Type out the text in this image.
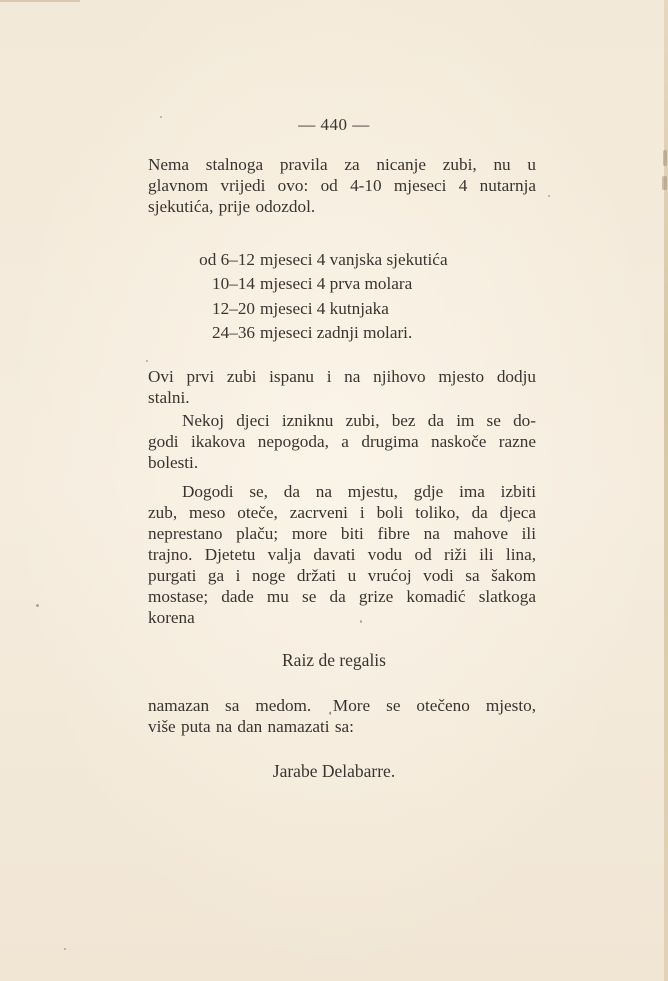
— 440 —
Nema stalnoga pravila za nicanje zubi, nu u
glavnom vrijedi ovo: od 4-10 mjeseci 4 nutarnja
sjekutića, prije odozdol.
od 6–12 mjeseci 4 vanjska sjekutića
10–14 mjeseci 4 prva molara
12–20 mjeseci 4 kutnjaka
24–36 mjeseci zadnji molari.
Ovi prvi zubi ispanu i na njihovo mjesto dodju
stalni.
Nekoj djeci izniknu zubi, bez da im se do-
godi ikakova nepogoda, a drugima naskoče razne
bolesti.
Dogodi se, da na mjestu, gdje ima izbiti
zub, meso oteče, zacrveni i boli toliko, da djeca
neprestano plaču; more biti fibre na mahove ili
trajno. Djetetu valja davati vodu od riži ili lina,
purgati ga i noge držati u vrućoj vodi sa šakom
mostase; dade mu se da grize komadić slatkoga
korena
Raiz de regalis
namazan sa medom. ˌMore se otečeno mjesto,
više puta na dan namazati sa:
Jarabe Delabarre.
